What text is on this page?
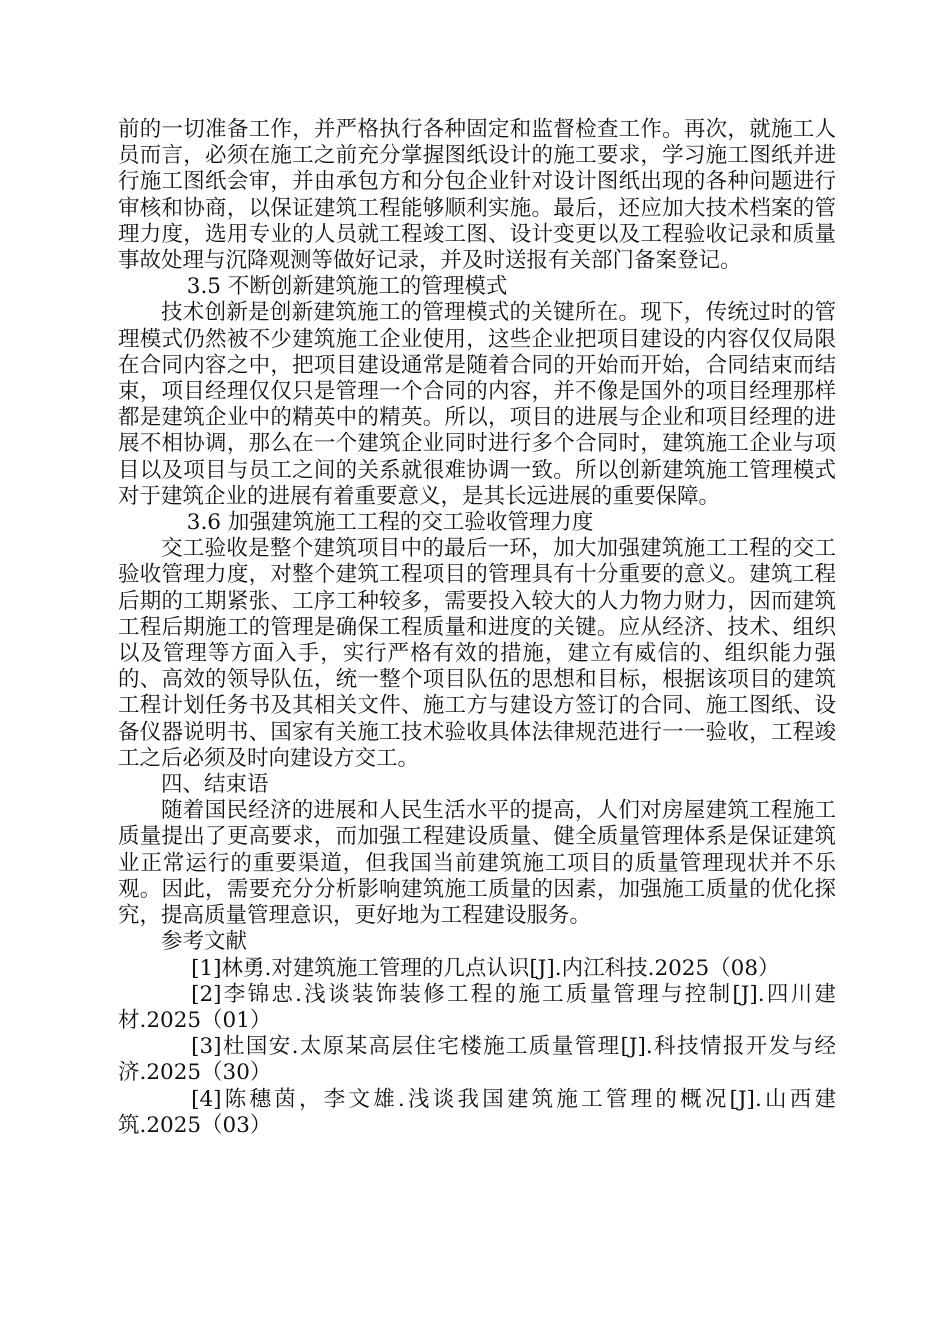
前的一切准备工作，并严格执行各种固定和监督检查工作。再次，就施工人员而言，必须在施工之前充分掌握图纸设计的施工要求，学习施工图纸并进行施工图纸会审，并由承包方和分包企业针对设计图纸出现的各种问题进行审核和协商，以保证建筑工程能够顺利实施。最后，还应加大技术档案的管理力度，选用专业的人员就工程竣工图、设计变更以及工程验收记录和质量事故处理与沉降观测等做好记录，并及时送报有关部门备案登记。

3.5 不断创新建筑施工的管理模式

技术创新是创新建筑施工的管理模式的关键所在。现下，传统过时的管理模式仍然被不少建筑施工企业使用，这些企业把项目建设的内容仅仅局限在合同内容之中，把项目建设通常是随着合同的开始而开始，合同结束而结束，项目经理仅仅只是管理一个合同的内容，并不像是国外的项目经理那样都是建筑企业中的精英中的精英。所以，项目的进展与企业和项目经理的进展不相协调，那么在一个建筑企业同时进行多个合同时，建筑施工企业与项目以及项目与员工之间的关系就很难协调一致。所以创新建筑施工管理模式对于建筑企业的进展有着重要意义，是其长远进展的重要保障。

3.6 加强建筑施工工程的交工验收管理力度

交工验收是整个建筑项目中的最后一环，加大加强建筑施工工程的交工验收管理力度，对整个建筑工程项目的管理具有十分重要的意义。建筑工程后期的工期紧张、工序工种较多，需要投入较大的人力物力财力，因而建筑工程后期施工的管理是确保工程质量和进度的关键。应从经济、技术、组织以及管理等方面入手，实行严格有效的措施，建立有威信的、组织能力强的、高效的领导队伍，统一整个项目队伍的思想和目标，根据该项目的建筑工程计划任务书及其相关文件、施工方与建设方签订的合同、施工图纸、设备仪器说明书、国家有关施工技术验收具体法律规范进行一一验收，工程竣工之后必须及时向建设方交工。

四、结束语

随着国民经济的进展和人民生活水平的提高，人们对房屋建筑工程施工质量提出了更高要求，而加强工程建设质量、健全质量管理体系是保证建筑业正常运行的重要渠道，但我国当前建筑施工项目的质量管理现状并不乐观。因此，需要充分分析影响建筑施工质量的因素，加强施工质量的优化探究，提高质量管理意识，更好地为工程建设服务。

参考文献

[1]林勇.对建筑施工管理的几点认识[J].内江科技.2025（08）

[2]李锦忠.浅谈装饰装修工程的施工质量管理与控制[J].四川建材.2025（01）

[3]杜国安.太原某高层住宅楼施工质量管理[J].科技情报开发与经济.2025（30）

[4]陈穗茵，李文雄.浅谈我国建筑施工管理的概况[J].山西建筑.2025（03）
